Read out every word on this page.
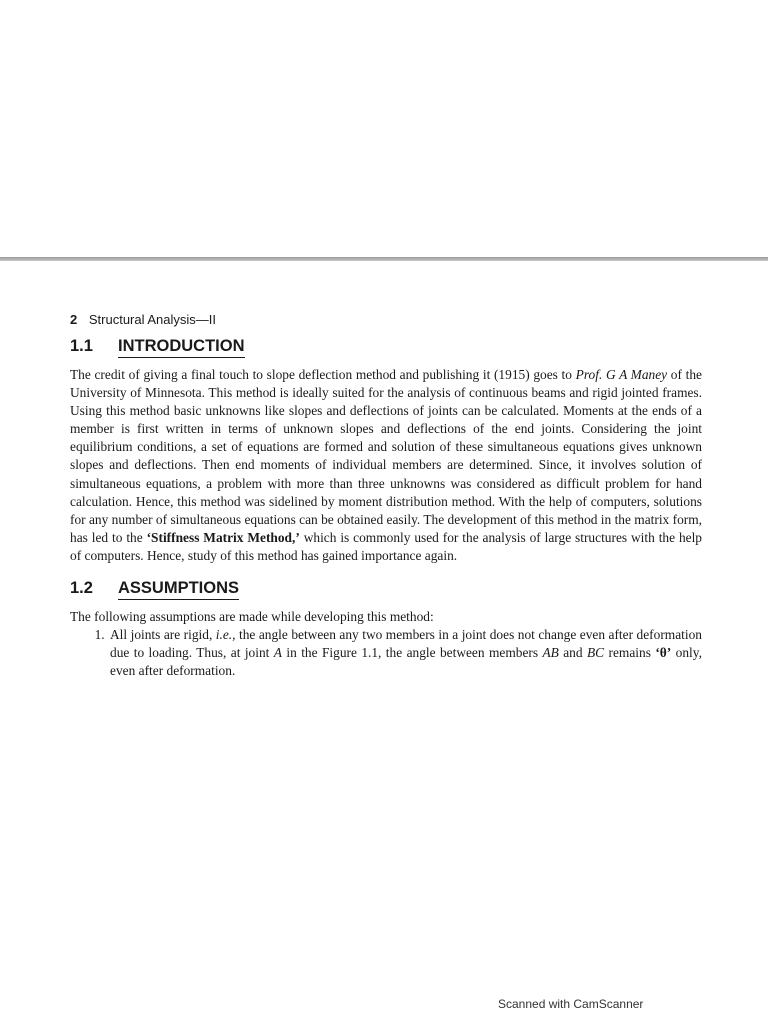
2 Structural Analysis—II
1.1	INTRODUCTION

The credit of giving a final touch to slope deflection method and publishing it (1915) goes to Prof. G A Maney of the University of Minnesota. This method is ideally suited for the analysis of continuous beams and rigid jointed frames. Using this method basic unknowns like slopes and deflections of joints can be calculated. Moments at the ends of a member is first written in terms of unknown slopes and deflections of the end joints. Considering the joint equilibrium conditions, a set of equations are formed and solution of these simultaneous equations gives unknown slopes and deflections. Then end moments of individual members are determined. Since, it involves solution of simultaneous equations, a problem with more than three unknowns was considered as difficult problem for hand calculation. Hence, this method was sidelined by moment distribution method. With the help of computers, solutions for any number of simultaneous equations can be obtained easily. The development of this method in the matrix form, has led to the ‘Stiffness Matrix Method,’ which is commonly used for the analysis of large structures with the help of computers. Hence, study of this method has gained importance again.

1.2	ASSUMPTIONS

The following assumptions are made while developing this method:

1. All joints are rigid, i.e., the angle between any two members in a joint does not change even after deformation due to loading. Thus, at joint A in the Figure 1.1, the angle between members AB and BC remains ‘θ’ only, even after deformation.
Scanned with CamScanner
